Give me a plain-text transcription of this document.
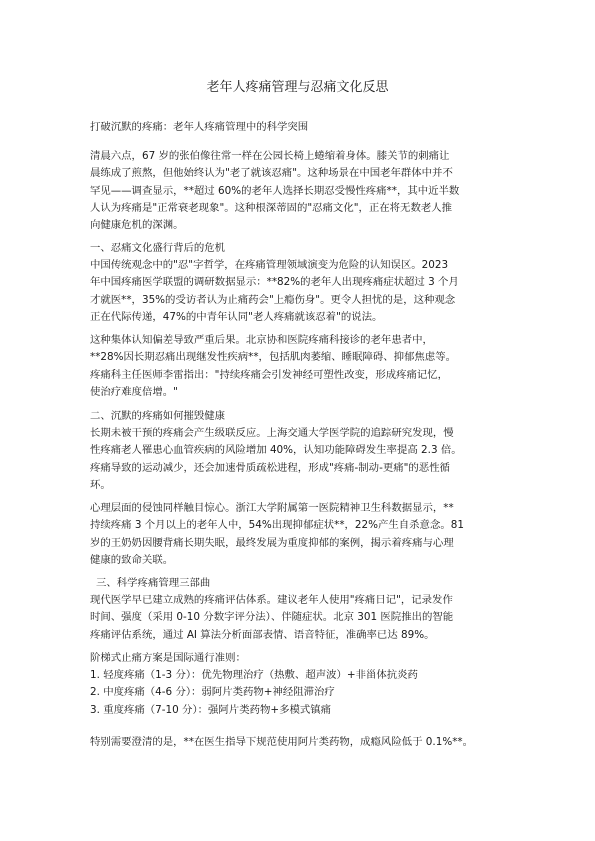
老年人疼痛管理与忍痛文化反思
打破沉默的疼痛：老年人疼痛管理中的科学突围
清晨六点，67 岁的张伯像往常一样在公园长椅上蜷缩着身体。膝关节的刺痛让
晨练成了煎熬，但他始终认为"老了就该忍痛"。这种场景在中国老年群体中并不
罕见——调查显示，**超过 60%的老年人选择长期忍受慢性疼痛**，其中近半数
人认为疼痛是"正常衰老现象"。这种根深蒂固的"忍痛文化"，正在将无数老人推
向健康危机的深渊。
一、忍痛文化盛行背后的危机
中国传统观念中的"忍"字哲学，在疼痛管理领域演变为危险的认知误区。2023
年中国疼痛医学联盟的调研数据显示：**82%的老年人出现疼痛症状超过 3 个月
才就医**，35%的受访者认为止痛药会"上瘾伤身"。更令人担忧的是，这种观念
正在代际传递，47%的中青年认同"老人疼痛就该忍着"的说法。
这种集体认知偏差导致严重后果。北京协和医院疼痛科接诊的老年患者中，
**28%因长期忍痛出现继发性疾病**，包括肌肉萎缩、睡眠障碍、抑郁焦虑等。
疼痛科主任医师李雷指出："持续疼痛会引发神经可塑性改变，形成疼痛记忆，
使治疗难度倍增。"
二、沉默的疼痛如何摧毁健康
长期未被干预的疼痛会产生级联反应。上海交通大学医学院的追踪研究发现，慢
性疼痛老人罹患心血管疾病的风险增加 40%，认知功能障碍发生率提高 2.3 倍。
疼痛导致的运动减少，还会加速骨质疏松进程，形成"疼痛-制动-更痛"的恶性循
环。
心理层面的侵蚀同样触目惊心。浙江大学附属第一医院精神卫生科数据显示，**
持续疼痛 3 个月以上的老年人中，54%出现抑郁症状**，22%产生自杀意念。81
岁的王奶奶因腰背痛长期失眠，最终发展为重度抑郁的案例，揭示着疼痛与心理
健康的致命关联。
三、科学疼痛管理三部曲
现代医学早已建立成熟的疼痛评估体系。建议老年人使用"疼痛日记"，记录发作
时间、强度（采用 0-10 分数字评分法）、伴随症状。北京 301 医院推出的智能
疼痛评估系统，通过 AI 算法分析面部表情、语音特征，准确率已达 89%。
阶梯式止痛方案是国际通行准则：
1. 轻度疼痛（1-3 分）：优先物理治疗（热敷、超声波）+非甾体抗炎药
2. 中度疼痛（4-6 分）：弱阿片类药物+神经阻滞治疗
3. 重度疼痛（7-10 分）：强阿片类药物+多模式镇痛
特别需要澄清的是，**在医生指导下规范使用阿片类药物，成瘾风险低于 0.1%**。
